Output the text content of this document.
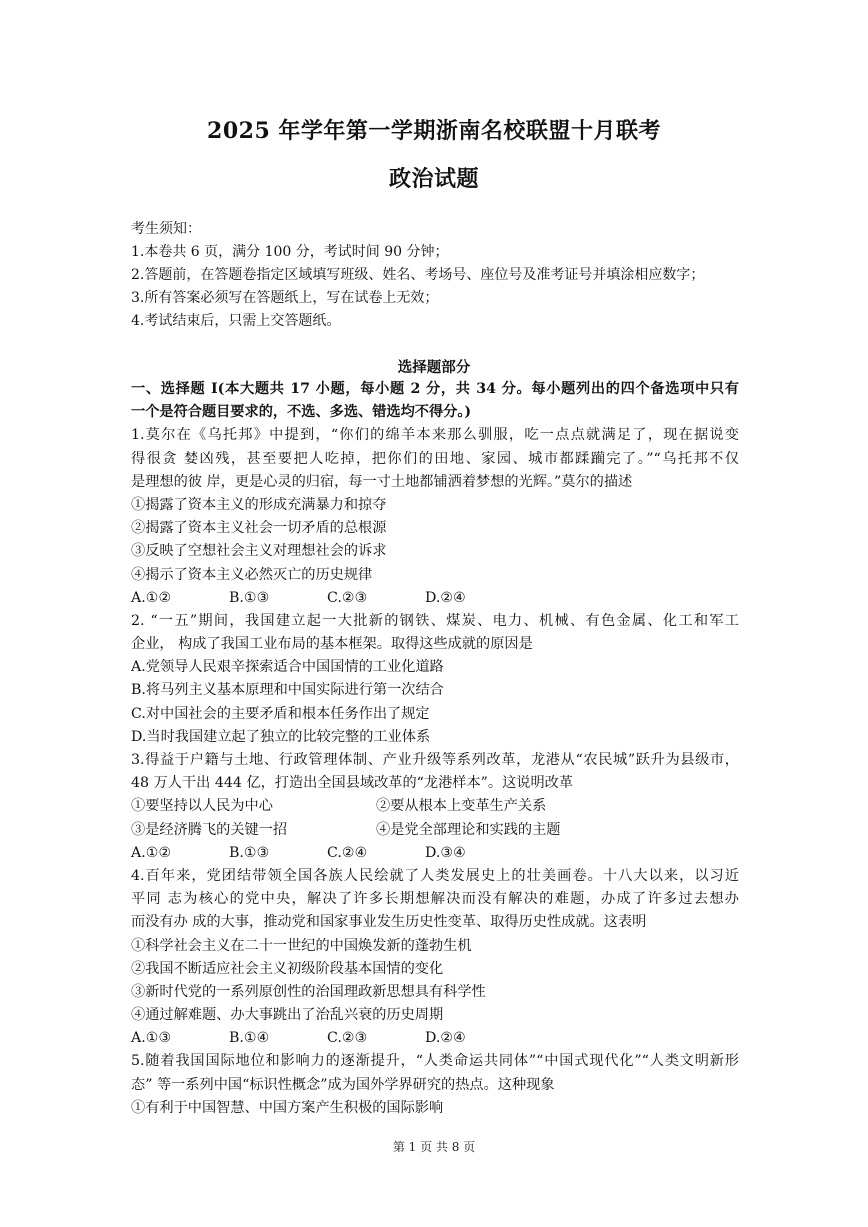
2025 年学年第一学期浙南名校联盟十月联考
政治试题
考生须知：
1.本卷共 6 页，满分 100 分，考试时间 90 分钟；
2.答题前，在答题卷指定区域填写班级、姓名、考场号、座位号及准考证号并填涂相应数字；
3.所有答案必须写在答题纸上，写在试卷上无效；
4.考试结束后，只需上交答题纸。
选择题部分
一、选择题 I(本大题共 17 小题，每小题 2 分，共 34 分。每小题列出的四个备选项中只有
一个是符合题目要求的，不选、多选、错选均不得分。)
1.莫尔在《乌托邦》中提到，“你们的绵羊本来那么驯服，吃一点点就满足了，现在据说变
得很贪 婪凶残，甚至要把人吃掉，把你们的田地、家园、城市都蹂躏完了。”“乌托邦不仅
是理想的彼 岸，更是心灵的归宿，每一寸土地都铺洒着梦想的光辉。”莫尔的描述
①揭露了资本主义的形成充满暴力和掠夺
②揭露了资本主义社会一切矛盾的总根源
③反映了空想社会主义对理想社会的诉求
④揭示了资本主义必然灭亡的历史规律
A.①②	B.①③	C.②③	D.②④
2. “一五”期间，我国建立起一大批新的钢铁、煤炭、电力、机械、有色金属、化工和军工
企业， 构成了我国工业布局的基本框架。取得这些成就的原因是
A.党领导人民艰辛探索适合中国国情的工业化道路
B.将马列主义基本原理和中国实际进行第一次结合
C.对中国社会的主要矛盾和根本任务作出了规定
D.当时我国建立起了独立的比较完整的工业体系
3.得益于户籍与土地、行政管理体制、产业升级等系列改革，龙港从“农民城”跃升为县级市，
48 万人干出 444 亿，打造出全国县域改革的“龙港样本”。这说明改革
①要坚持以人民为中心	②要从根本上变革生产关系
③是经济腾飞的关键一招	④是党全部理论和实践的主题
A.①②	B.①③	C.②④	D.③④
4.百年来，党团结带领全国各族人民绘就了人类发展史上的壮美画卷。十八大以来，以习近
平同 志为核心的党中央，解决了许多长期想解决而没有解决的难题，办成了许多过去想办
而没有办 成的大事，推动党和国家事业发生历史性变革、取得历史性成就。这表明
①科学社会主义在二十一世纪的中国焕发新的蓬勃生机
②我国不断适应社会主义初级阶段基本国情的变化
③新时代党的一系列原创性的治国理政新思想具有科学性
④通过解难题、办大事跳出了治乱兴衰的历史周期
A.①③	B.①④	C.②③	D.②④
5.随着我国国际地位和影响力的逐渐提升，“人类命运共同体”“中国式现代化”“人类文明新形
态” 等一系列中国“标识性概念”成为国外学界研究的热点。这种现象
①有利于中国智慧、中国方案产生积极的国际影响
第 1 页 共 8 页
